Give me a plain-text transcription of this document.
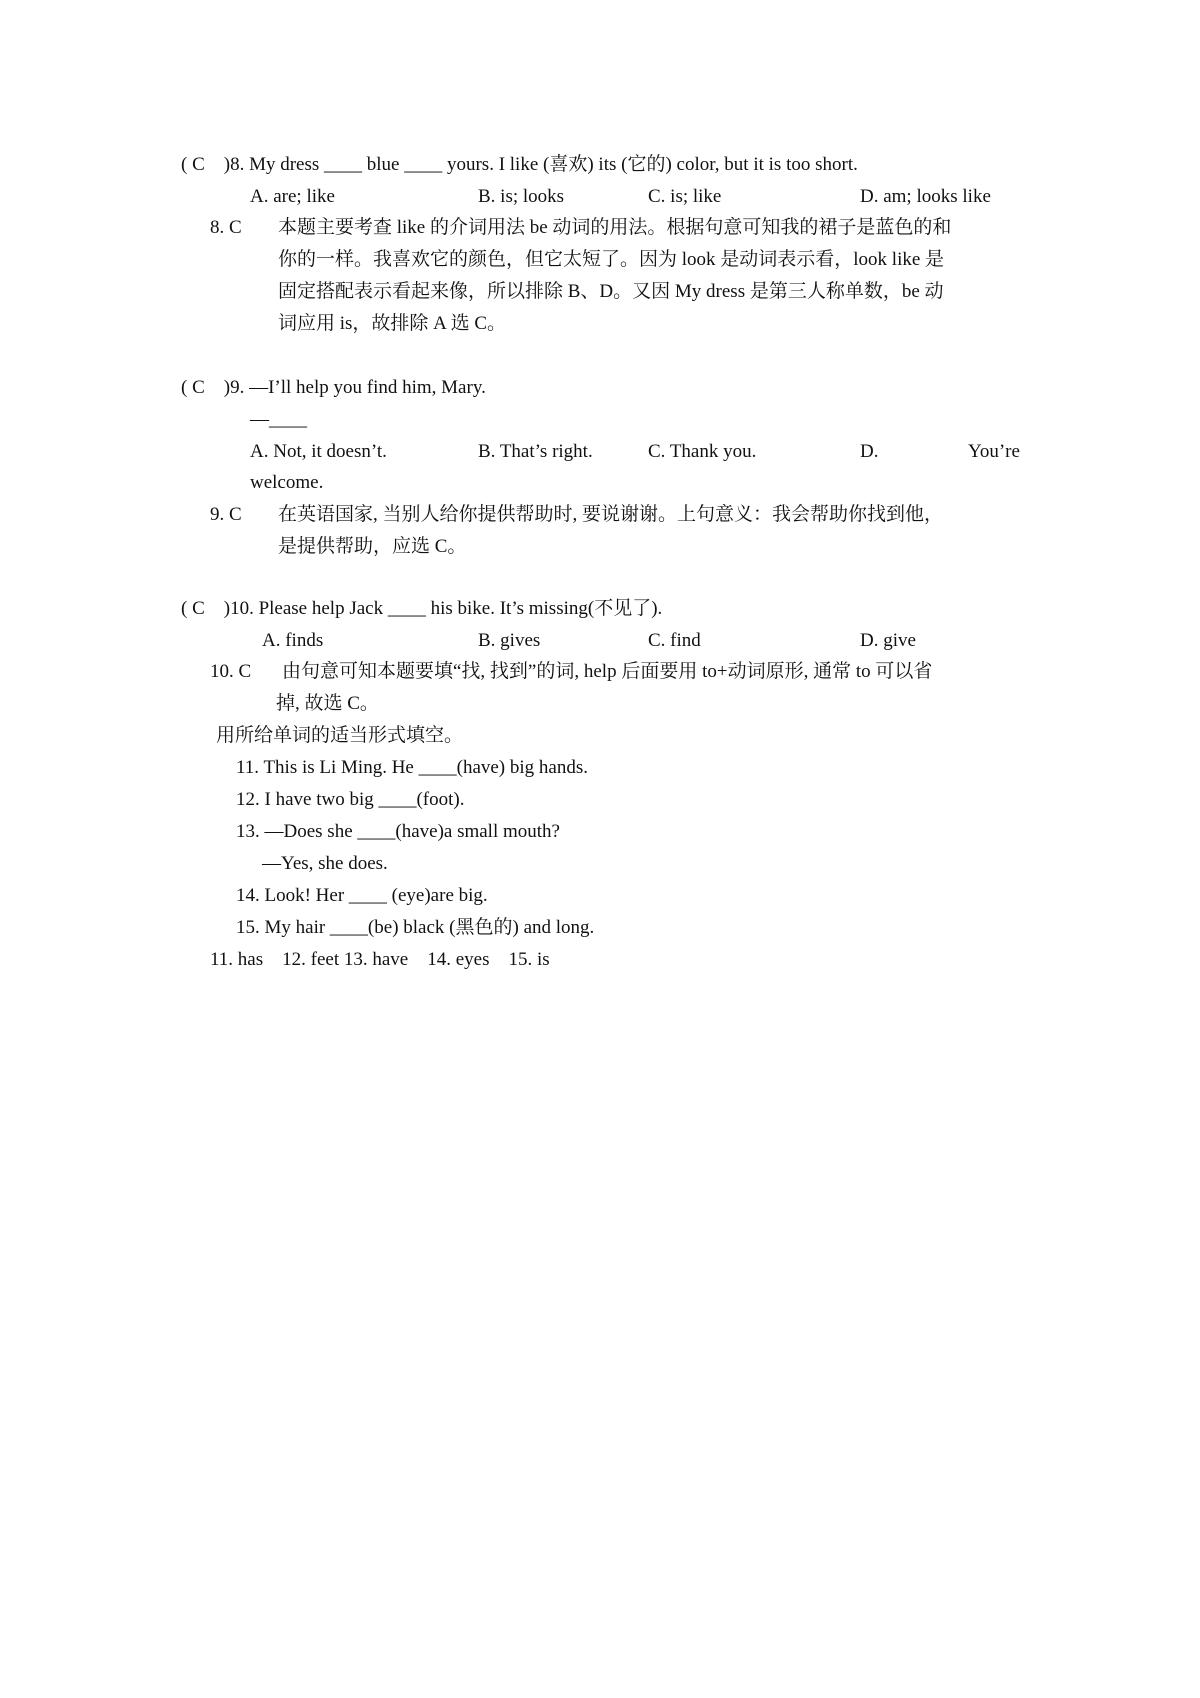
( C    )8. My dress ____ blue ____ yours. I like (喜欢) its (它的) color, but it is too short.
A. are; like	B. is; looks	C. is; like	D. am; looks like
8. C 本题主要考查 like 的介词用法 be 动词的用法。根据句意可知我的裙子是蓝色的和
你的一样。我喜欢它的颜色，但它太短了。因为 look 是动词表示看，look like 是
固定搭配表示看起来像，所以排除 B、D。又因 My dress 是第三人称单数，be 动
词应用 is，故排除 A 选 C。
( C    )9. —I’ll help you find him, Mary.
—____
A. Not, it doesn’t.	B. That’s right.	C. Thank you.	D.	You’re
welcome.
9. C 在英语国家, 当别人给你提供帮助时, 要说谢谢。上句意义：我会帮助你找到他，
是提供帮助，应选 C。
( C    )10. Please help Jack ____ his bike. It’s missing(不见了).
A. finds	B. gives	C. find	D. give
10. C 由句意可知本题要填“找, 找到”的词, help 后面要用 to+动词原形, 通常 to 可以省
掉, 故选 C。
用所给单词的适当形式填空。
11. This is Li Ming. He ____(have) big hands.
12. I have two big ____(foot).
13. —Does she ____(have)a small mouth?
—Yes, she does.
14. Look! Her ____ (eye)are big.
15. My hair ____(be) black (黑色的) and long.
11. has    12. feet 13. have    14. eyes    15. is
